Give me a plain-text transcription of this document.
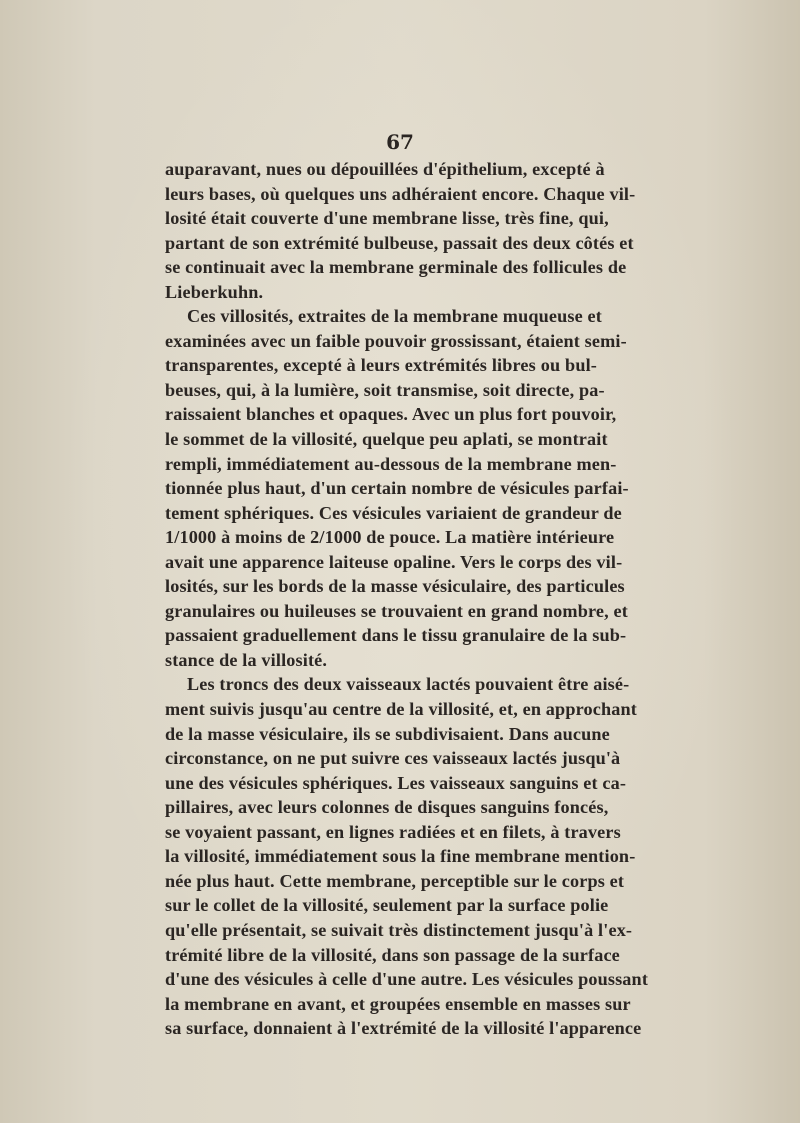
67
auparavant, nues ou dépouillées d'épithelium, excepté à
leurs bases, où quelques uns adhéraient encore. Chaque vil-
losité était couverte d'une membrane lisse, très fine, qui,
partant de son extrémité bulbeuse, passait des deux côtés et
se continuait avec la membrane germinale des follicules de
Lieberkuhn.
Ces villosités, extraites de la membrane muqueuse et
examinées avec un faible pouvoir grossissant, étaient semi-
transparentes, excepté à leurs extrémités libres ou bul-
beuses, qui, à la lumière, soit transmise, soit directe, pa-
raissaient blanches et opaques. Avec un plus fort pouvoir,
le sommet de la villosité, quelque peu aplati, se montrait
rempli, immédiatement au-dessous de la membrane men-
tionnée plus haut, d'un certain nombre de vésicules parfai-
tement sphériques. Ces vésicules variaient de grandeur de
1/1000 à moins de 2/1000 de pouce. La matière intérieure
avait une apparence laiteuse opaline. Vers le corps des vil-
losités, sur les bords de la masse vésiculaire, des particules
granulaires ou huileuses se trouvaient en grand nombre, et
passaient graduellement dans le tissu granulaire de la sub-
stance de la villosité.
Les troncs des deux vaisseaux lactés pouvaient être aisé-
ment suivis jusqu'au centre de la villosité, et, en approchant
de la masse vésiculaire, ils se subdivisaient. Dans aucune
circonstance, on ne put suivre ces vaisseaux lactés jusqu'à
une des vésicules sphériques. Les vaisseaux sanguins et ca-
pillaires, avec leurs colonnes de disques sanguins foncés,
se voyaient passant, en lignes radiées et en filets, à travers
la villosité, immédiatement sous la fine membrane mention-
née plus haut. Cette membrane, perceptible sur le corps et
sur le collet de la villosité, seulement par la surface polie
qu'elle présentait, se suivait très distinctement jusqu'à l'ex-
trémité libre de la villosité, dans son passage de la surface
d'une des vésicules à celle d'une autre. Les vésicules poussant
la membrane en avant, et groupées ensemble en masses sur
sa surface, donnaient à l'extrémité de la villosité l'apparence
